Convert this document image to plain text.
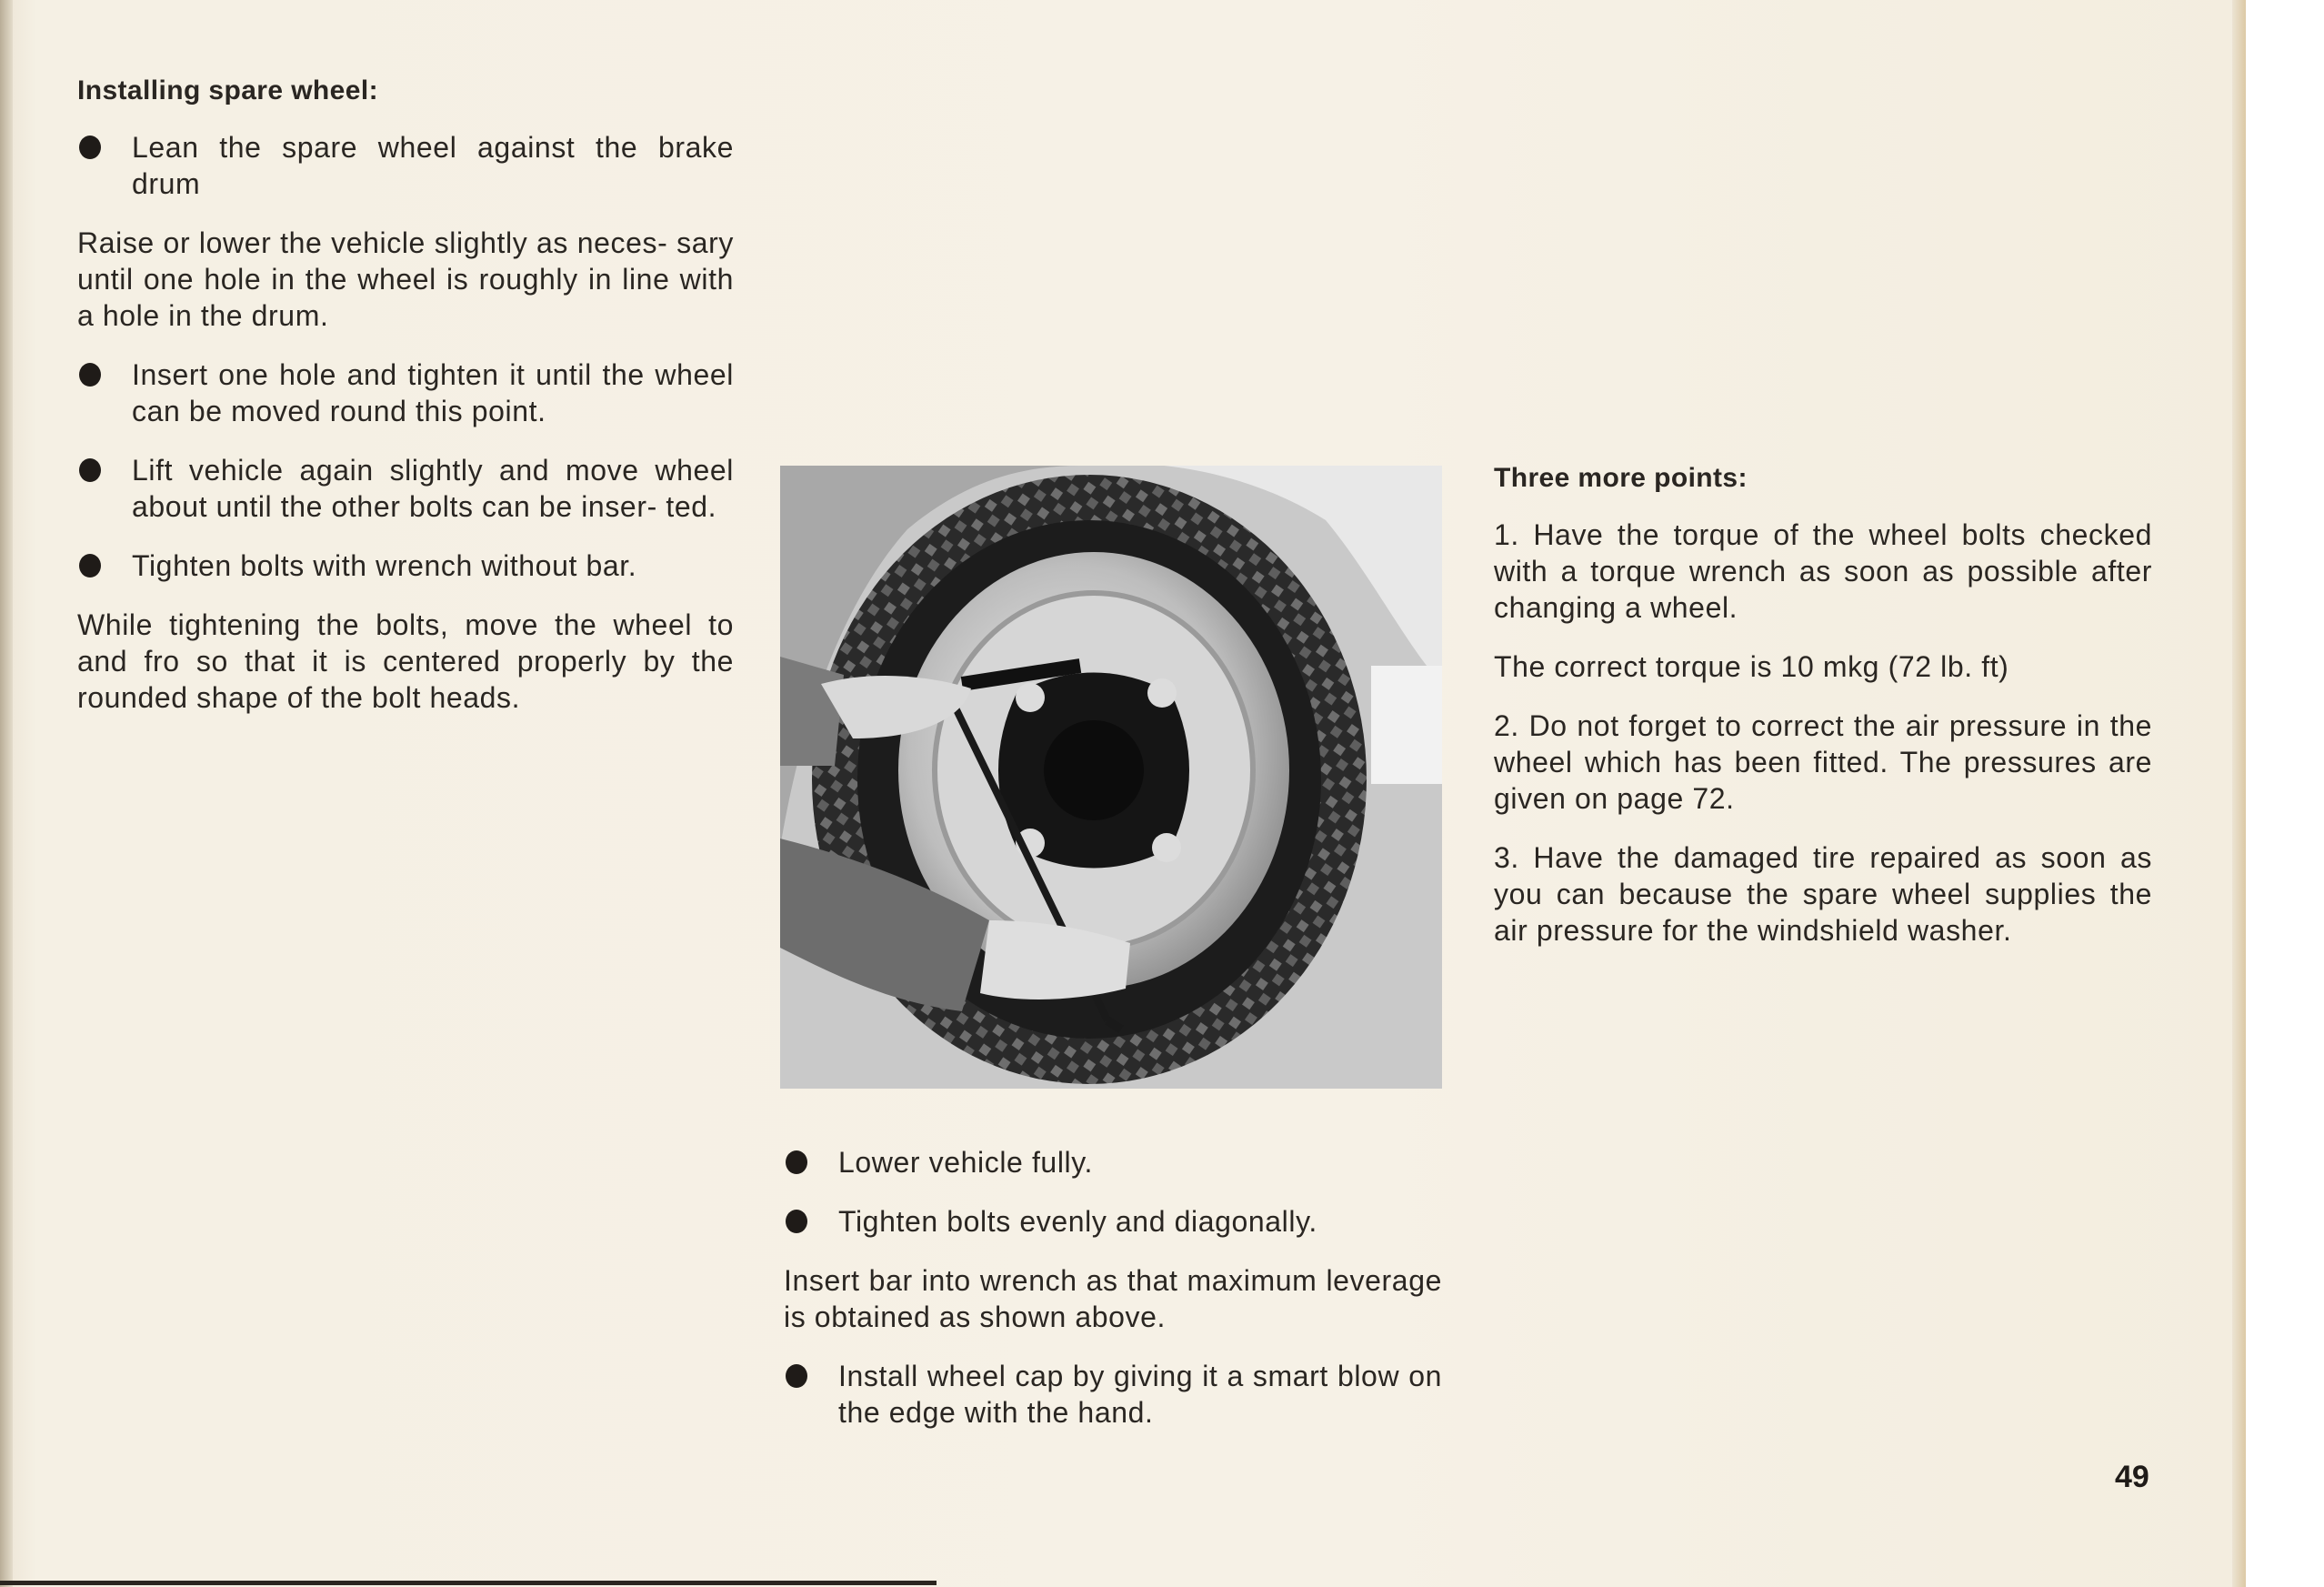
Installing spare wheel:
Lean the spare wheel against the brake drum

Raise or lower the vehicle slightly as neces- sary until one hole in the wheel is roughly in line with a hole in the drum.

Insert one hole and tighten it until the wheel can be moved round this point.
Lift vehicle again slightly and move wheel about until the other bolts can be inser- ted.
Tighten bolts with wrench without bar.

While tightening the bolts, move the wheel to and fro so that it is centered properly by the rounded shape of the bolt heads.

Lower vehicle fully.
Tighten bolts evenly and diagonally.

Insert bar into wrench as that maximum leverage is obtained as shown above.

Install wheel cap by giving it a smart blow on the edge with the hand.
Three more points:

1. Have the torque of the wheel bolts checked with a torque wrench as soon as possible after changing a wheel.

The correct torque is 10 mkg (72 lb. ft)

2. Do not forget to correct the air pressure in the wheel which has been fitted. The pressures are given on page 72.

3. Have the damaged tire repaired as soon as you can because the spare wheel supplies the air pressure for the windshield washer.

49
